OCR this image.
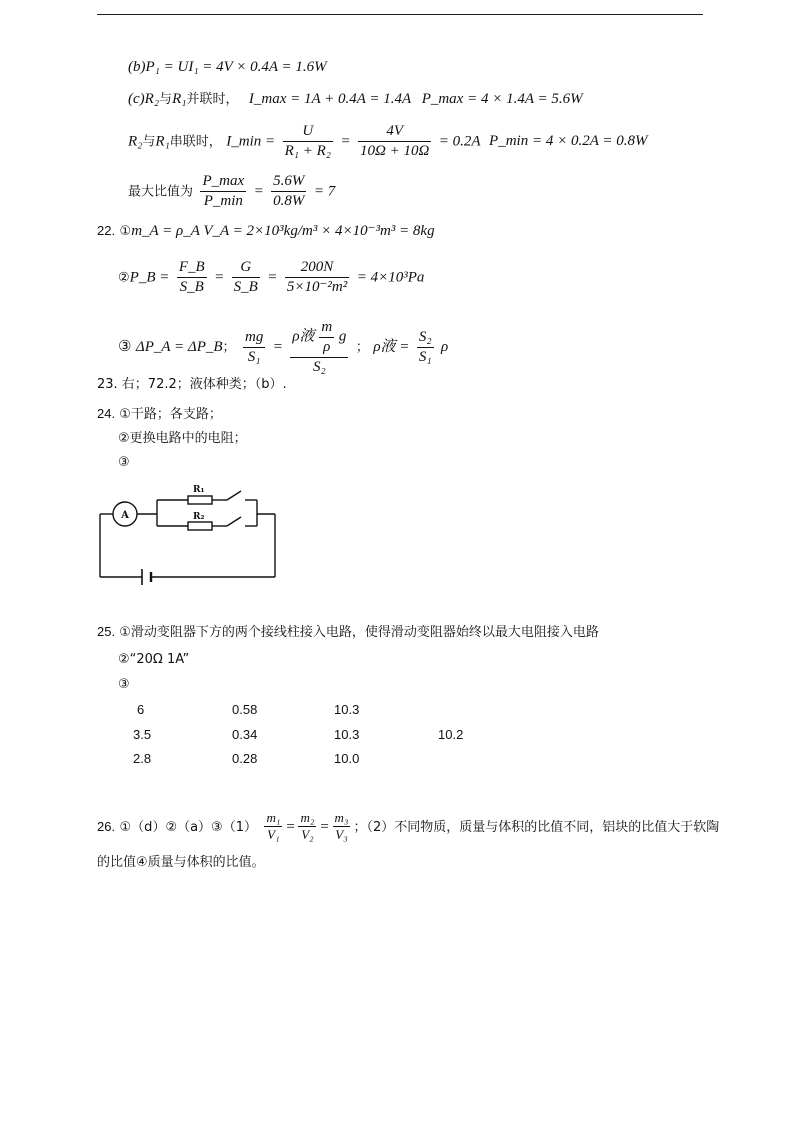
(b)P₁ = UI₁ = 4V × 0.4A = 1.6W
(c)R₂与R₁并联时， I_max = 1A + 0.4A = 1.4A P_max = 4 × 1.4A = 5.6W
R₂与R₁串联时， I_min = $\frac{U}{\text{R₁ + R₂}} = \frac{4V}{10\Omega + 10\Omega} = 0.2A$ P_min = 4 × 0.2A = 0.8W
最大比值为 $\frac{P\_\max}{P\_\min} = \frac{5.6W}{0.8W} = 7$
22. ①m_A = ρ_A V_A = 2×10³kg/m³ × 4×10⁻³m³ = 8kg
②P_B = $\frac{F\_B}{S\_B} = \frac{G}{S\_B} = \frac{200N}{\text{5×10⁻²m²}} = 4\times 10^3Pa$
③ ΔP_A = ΔP_B； $\frac{mg}{\text{S₁}} = \frac{\rho 液 \frac{m}{\rho} g}{\text{S₂}}$ ； ρ液 = $\frac{\text{S₂}}{\text{S₁}}$ ρ
23. 右；72.2；液体种类；（b）.
24. ①干路；各支路；
②更换电路中的电阻；
③
A
R₁
R₂
25. ①滑动变阻器下方的两个接线柱接入电路，使得滑动变阻器始终以最大电阻接入电路
②“20Ω 1A”
③
6	0.58	10.3
3.5	0.34	10.3	10.2
2.8	0.28	10.0
26. ①（d）②（a）③（1） $\frac{\text{m₁}}{\text{V₁}} = \frac{\text{m₂}}{\text{V₂}} = \frac{\text{m₃}}{\text{V₃}}$ ；（2）不同物质，质量与体积的比值不同，铝块的比值大于软陶
的比值④质量与体积的比值。
